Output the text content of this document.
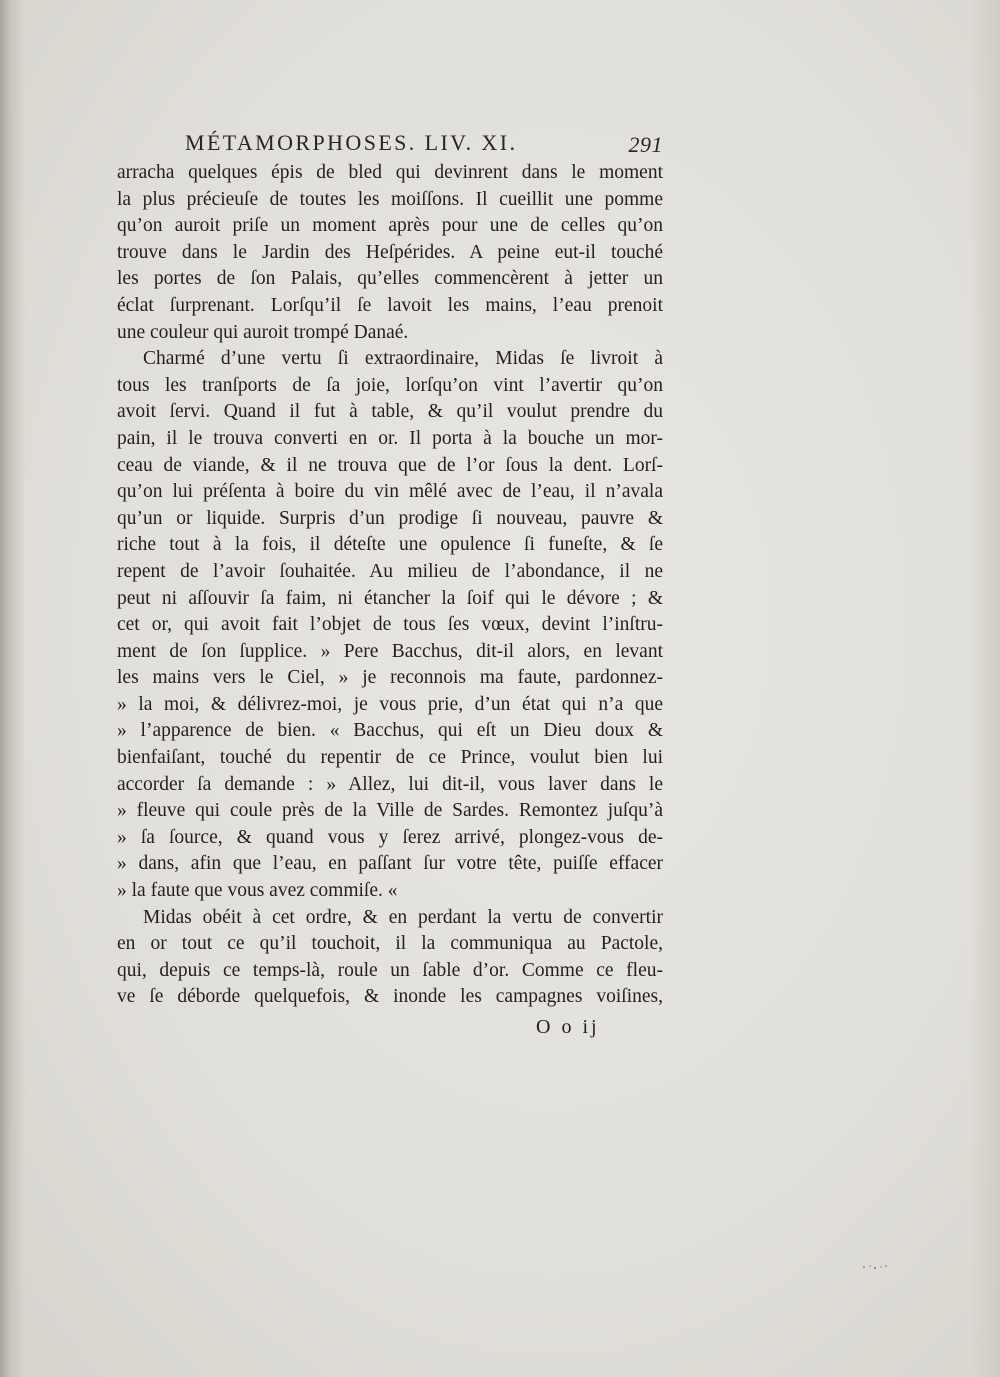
MÉTAMORPHOSES. LIV. XI.	291
arracha quelques épis de bled qui devinrent dans le moment
la plus précieuſe de toutes les moiſſons. Il cueillit une pomme
qu’on auroit priſe un moment après pour une de celles qu’on
trouve dans le Jardin des Heſpérides. A peine eut-il touché
les portes de ſon Palais, qu’elles commencèrent à jetter un
éclat ſurprenant. Lorſqu’il ſe lavoit les mains, l’eau prenoit
une couleur qui auroit trompé Danaé.
Charmé d’une vertu ſi extraordinaire, Midas ſe livroit à
tous les tranſports de ſa joie, lorſqu’on vint l’avertir qu’on
avoit ſervi. Quand il fut à table, & qu’il voulut prendre du
pain, il le trouva converti en or. Il porta à la bouche un mor-
ceau de viande, & il ne trouva que de l’or ſous la dent. Lorſ-
qu’on lui préſenta à boire du vin mêlé avec de l’eau, il n’avala
qu’un or liquide. Surpris d’un prodige ſi nouveau, pauvre &
riche tout à la fois, il déteſte une opulence ſi funeſte, & ſe
repent de l’avoir ſouhaitée. Au milieu de l’abondance, il ne
peut ni aſſouvir ſa faim, ni étancher la ſoif qui le dévore ; &
cet or, qui avoit fait l’objet de tous ſes vœux, devint l’inſtru-
ment de ſon ſupplice. » Pere Bacchus, dit-il alors, en levant
les mains vers le Ciel, » je reconnois ma faute, pardonnez-
» la moi, & délivrez-moi, je vous prie, d’un état qui n’a que
» l’apparence de bien. « Bacchus, qui eſt un Dieu doux &
bienfaiſant, touché du repentir de ce Prince, voulut bien lui
accorder ſa demande : » Allez, lui dit-il, vous laver dans le
» fleuve qui coule près de la Ville de Sardes. Remontez juſqu’à
» ſa ſource, & quand vous y ſerez arrivé, plongez-vous de-
» dans, afin que l’eau, en paſſant ſur votre tête, puiſſe effacer
» la faute que vous avez commiſe. «
Midas obéit à cet ordre, & en perdant la vertu de convertir
en or tout ce qu’il touchoit, il la communiqua au Pactole,
qui, depuis ce temps-là, roule un ſable d’or. Comme ce fleu-
ve ſe déborde quelquefois, & inonde les campagnes voiſines,
O o ij
